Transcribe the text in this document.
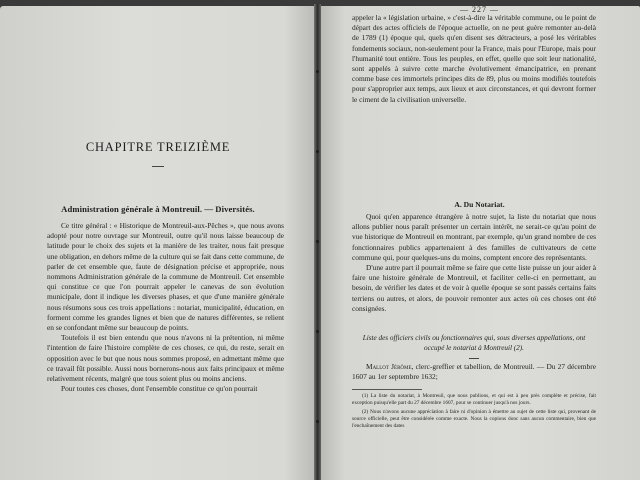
CHAPITRE TREIZIÈME
Administration générale à Montreuil. — Diversités.

Ce titre général : « Historique de Montreuil-aux-Pêches », que nous avons adopté pour notre ouvrage sur Montreuil, outre qu'il nous laisse beaucoup de latitude pour le choix des sujets et la manière de les traiter, nous fait presque une obligation, en dehors même de la culture qui se fait dans cette commune, de parler de cet ensemble que, faute de désignation précise et appropriée, nous nommons Administration générale de la commune de Montreuil. Cet ensemble qui constitue ce que l'on pourrait appeler le canevas de son évolution municipale, dont il indique les diverses phases, et que d'une manière générale nous résumons sous ces trois appellations : notariat, municipalité, éducation, en forment comme les grandes lignes et bien que de natures différentes, se relient en se confondant même sur beaucoup de points.

Toutefois il est bien entendu que nous n'avons ni la prétention, ni même l'intention de faire l'histoire complète de ces choses, ce qui, du reste, serait en opposition avec le but que nous nous sommes proposé, en admettant même que ce travail fût possible. Aussi nous bornerons-nous aux faits principaux et même relativement récents, malgré que tous soient plus ou moins anciens.

Pour toutes ces choses, dont l'ensemble constitue ce qu'on pourrait

— 227 —

appeler la « législation urbaine, » c'est-à-dire la véritable commune, ou le point de départ des actes officiels de l'époque actuelle, on ne peut guère remonter au-delà de 1789 (1) époque qui, quels qu'en disent ses détracteurs, a posé les véritables fondements sociaux, non-seulement pour la France, mais pour l'Europe, mais pour l'humanité tout entière. Tous les peuples, en effet, quelle que soit leur nationalité, sont appelés à suivre cette marche évolutivement émancipatrice, en prenant comme base ces immortels principes dits de 89, plus ou moins modifiés toutefois pour s'approprier aux temps, aux lieux et aux circonstances, et qui devront former le ciment de la civilisation universelle.

A. Du Notariat.

Quoi qu'en apparence étrangère à notre sujet, la liste du notariat que nous allons publier nous paraît présenter un certain intérêt, ne serait-ce qu'au point de vue historique de Montreuil en montrant, par exemple, qu'un grand nombre de ces fonctionnaires publics appartenaient à des familles de cultivateurs de cette commune qui, pour quelques-uns du moins, comptent encore des représentants.

D'une autre part il pourrait même se faire que cette liste puisse un jour aider à faire une histoire générale de Montreuil, et faciliter celle-ci en permettant, au besoin, de vérifier les dates et de voir à quelle époque se sont passés certains faits terriens ou autres, et alors, de pouvoir remonter aux actes où ces choses ont été consignées.

Liste des officiers civils ou fonctionnaires qui, sous diverses appellations, ont occupé le notariat à Montreuil (2).

Mallot Jérôme, clerc-greffier et tabellion, de Montreuil. — Du 27 décembre 1607 au 1er septembre 1632;

(1) La liste du notariat, à Montreuil, que nous publions, et qui est à peu près complète et précise, fait exception puisqu'elle part du 27 décembre 1607, pour se continuer jusqu'à nos jours.

(2) Nous n'avons aucune appréciation à faire ni d'opinion à émettre au sujet de cette liste qui, provenant de source officielle, peut être considérée comme exacte. Nous la copions donc sans aucun commentaire, bien que l'enchaînement des dates
